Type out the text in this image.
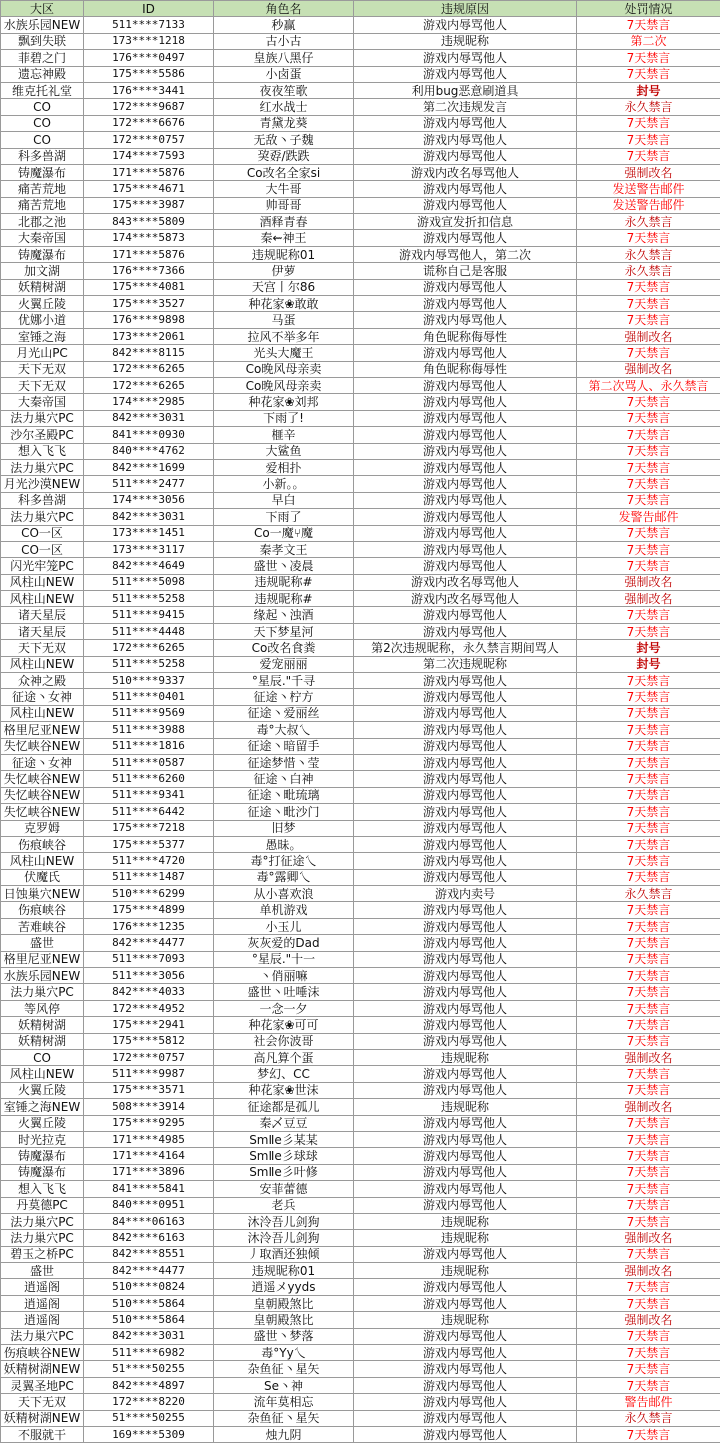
大区	ID	角色名	违规原因	处罚情况
水族乐园NEW	511****7133	秒赢	游戏内辱骂他人	7天禁言
飘到失联	173****1218	古小古	违规昵称	第二次
菲碧之门	176****0497	皇族八黑仔	游戏内辱骂他人	7天禁言
遗忘神殿	175****5586	小卤蛋	游戏内辱骂他人	7天禁言
维克托礼堂	176****3441	夜夜笙歌	利用bug恶意刷道具	封号
CO	172****9687	红水战士	第二次违规发言	永久禁言
CO	172****6676	青黛龙葵	游戏内辱骂他人	7天禁言
CO	172****0757	无敌丶子魏	游戏内辱骂他人	7天禁言
科多兽湖	174****7593	巭孬/跌跌	游戏内辱骂他人	7天禁言
铸魔瀑布	171****5876	Co改名全家si	游戏内改名辱骂他人	强制改名
痛苦荒地	175****4671	大牛哥	游戏内辱骂他人	发送警告邮件
痛苦荒地	175****3987	帅哥哥	游戏内辱骂他人	发送警告邮件
北郡之池	843****5809	酒释青春	游戏宣发折扣信息	永久禁言
大秦帝国	174****5873	秦⇜神王	游戏内辱骂他人	7天禁言
铸魔瀑布	171****5876	违规昵称01	游戏内辱骂他人，第二次	永久禁言
加文湖	176****7366	伊萝	谎称自己是客服	永久禁言
妖精树湖	175****4081	天宫丨尔86	游戏内辱骂他人	7天禁言
火翼丘陵	175****3527	种花家❀敢敢	游戏内辱骂他人	7天禁言
优娜小道	176****9898	马蛋	游戏内辱骂他人	7天禁言
室锤之海	173****2061	拉风不举多年	角色昵称侮辱性	强制改名
月光山PC	842****8115	光头大魔王	游戏内辱骂他人	7天禁言
天下无双	172****6265	Co晚风母亲卖	角色昵称侮辱性	强制改名
天下无双	172****6265	Co晚风母亲卖	游戏内辱骂他人	第二次骂人、永久禁言
大秦帝国	174****2985	种花家❀刘邦	游戏内辱骂他人	7天禁言
法力巢穴PC	842****3031	下雨了!	游戏内辱骂他人	7天禁言
沙尔圣殿PC	841****0930	榧辛	游戏内辱骂他人	7天禁言
想入飞飞	840****4762	大鲨鱼	游戏内辱骂他人	7天禁言
法力巢穴PC	842****1699	爱相扑	游戏内辱骂他人	7天禁言
月光沙漠NEW	511****2477	小新。。	游戏内辱骂他人	7天禁言
科多兽湖	174****3056	早白	游戏内辱骂他人	7天禁言
法力巢穴PC	842****3031	下雨了	游戏内辱骂他人	发警告邮件
CO一区	173****1451	Co一魔⑂魔	游戏内辱骂他人	7天禁言
CO一区	173****3117	秦孝文王	游戏内辱骂他人	7天禁言
闪光牢笼PC	842****4649	盛世丶凌晨	游戏内辱骂他人	7天禁言
风柱山NEW	511****5098	违规昵称#	游戏内改名辱骂他人	强制改名
风柱山NEW	511****5258	违规昵称#	游戏内改名辱骂他人	强制改名
诸天星辰	511****9415	缘起丶浊酒	游戏内辱骂他人	7天禁言
诸天星辰	511****4448	天下梦星河	游戏内辱骂他人	7天禁言
天下无双	172****6265	Co改名食粪	第2次违规昵称，永久禁言期间骂人	封号
风柱山NEW	511****5258	爱宠丽丽	第二次违规昵称	封号
众神之殿	510****9337	°星辰."千寻	游戏内辱骂他人	7天禁言
征途丶女神	511****0401	征途丶柠方	游戏内辱骂他人	7天禁言
风柱山NEW	511****9569	征途丶爱丽丝	游戏内辱骂他人	7天禁言
格里尼亚NEW	511****3988	毒°大叔乀	游戏内辱骂他人	7天禁言
失忆峡谷NEW	511****1816	征途丶暗留手	游戏内辱骂他人	7天禁言
征途丶女神	511****0587	征途梦惜丶莹	游戏内辱骂他人	7天禁言
失忆峡谷NEW	511****6260	征途丶白神	游戏内辱骂他人	7天禁言
失忆峡谷NEW	511****9341	征途丶毗琉璃	游戏内辱骂他人	7天禁言
失忆峡谷NEW	511****6442	征途丶毗沙门	游戏内辱骂他人	7天禁言
克罗姆	175****7218	旧梦	游戏内辱骂他人	7天禁言
伤痕峡谷	175****5377	愚昧。	游戏内辱骂他人	7天禁言
风柱山NEW	511****4720	毒°打征途乀	游戏内辱骂他人	7天禁言
伏魔氏	511****1487	毒°露卿乀	游戏内辱骂他人	7天禁言
日蚀巢穴NEW	510****6299	从小喜欢浪	游戏内卖号	永久禁言
伤痕峡谷	175****4899	单机游戏	游戏内辱骂他人	7天禁言
苦难峡谷	176****1235	小玉儿	游戏内辱骂他人	7天禁言
盛世	842****4477	灰灰爱的Dad	游戏内辱骂他人	7天禁言
格里尼亚NEW	511****7093	°星辰."十一	游戏内辱骂他人	7天禁言
水族乐园NEW	511****3056	丶俏丽嘛	游戏内辱骂他人	7天禁言
法力巢穴PC	842****4033	盛世丶吐唾沫	游戏内辱骂他人	7天禁言
等风停	172****4952	一念一夕	游戏内辱骂他人	7天禁言
妖精树湖	175****2941	种花家❀可可	游戏内辱骂他人	7天禁言
妖精树湖	175****5812	社会你波哥	游戏内辱骂他人	7天禁言
CO	172****0757	高凡算个蛋	违规昵称	强制改名
风柱山NEW	511****9987	梦幻、CC	游戏内辱骂他人	7天禁言
火翼丘陵	175****3571	种花家❀世沫	游戏内辱骂他人	7天禁言
室锤之海NEW	508****3914	征途都是孤儿	违规昵称	强制改名
火翼丘陵	175****9295	秦乄豆豆	游戏内辱骂他人	7天禁言
时光拉克	171****4985	SmⅡe彡某某	游戏内辱骂他人	7天禁言
铸魔瀑布	171****4164	SmⅡe彡球球	游戏内辱骂他人	7天禁言
铸魔瀑布	171****3896	SmⅡe彡叶修	游戏内辱骂他人	7天禁言
想入飞飞	841****5841	安菲蕾德	游戏内辱骂他人	7天禁言
丹莫德PC	840****0951	老兵	游戏内辱骂他人	7天禁言
法力巢穴PC	84****06163	沐泠吾儿剑狗	违规昵称	7天禁言
法力巢穴PC	842****6163	沐泠吾儿剑狗	违规昵称	强制改名
碧玉之桥PC	842****8551	丿取酒还独倾	游戏内辱骂他人	7天禁言
盛世	842****4477	违规昵称01	违规昵称	强制改名
逍遥阁	510****0824	逍遥メyyds	游戏内辱骂他人	7天禁言
逍遥阁	510****5864	皇朝殿煞比	游戏内辱骂他人	7天禁言
逍遥阁	510****5864	皇朝殿煞比	违规昵称	强制改名
法力巢穴PC	842****3031	盛世丶梦落	游戏内辱骂他人	7天禁言
伤痕峡谷NEW	511****6982	毒°Yy乀	游戏内辱骂他人	7天禁言
妖精树湖NEW	51****50255	杂鱼征丶星矢	游戏内辱骂他人	7天禁言
灵翼圣地PC	842****4897	Se丶神	游戏内辱骂他人	7天禁言
天下无双	172****8220	流年莫相忘	游戏内辱骂他人	警告邮件
妖精树湖NEW	51****50255	杂鱼征丶星矢	游戏内辱骂他人	永久禁言
不服就干	169****5309	烛九阴	游戏内辱骂他人	7天禁言
